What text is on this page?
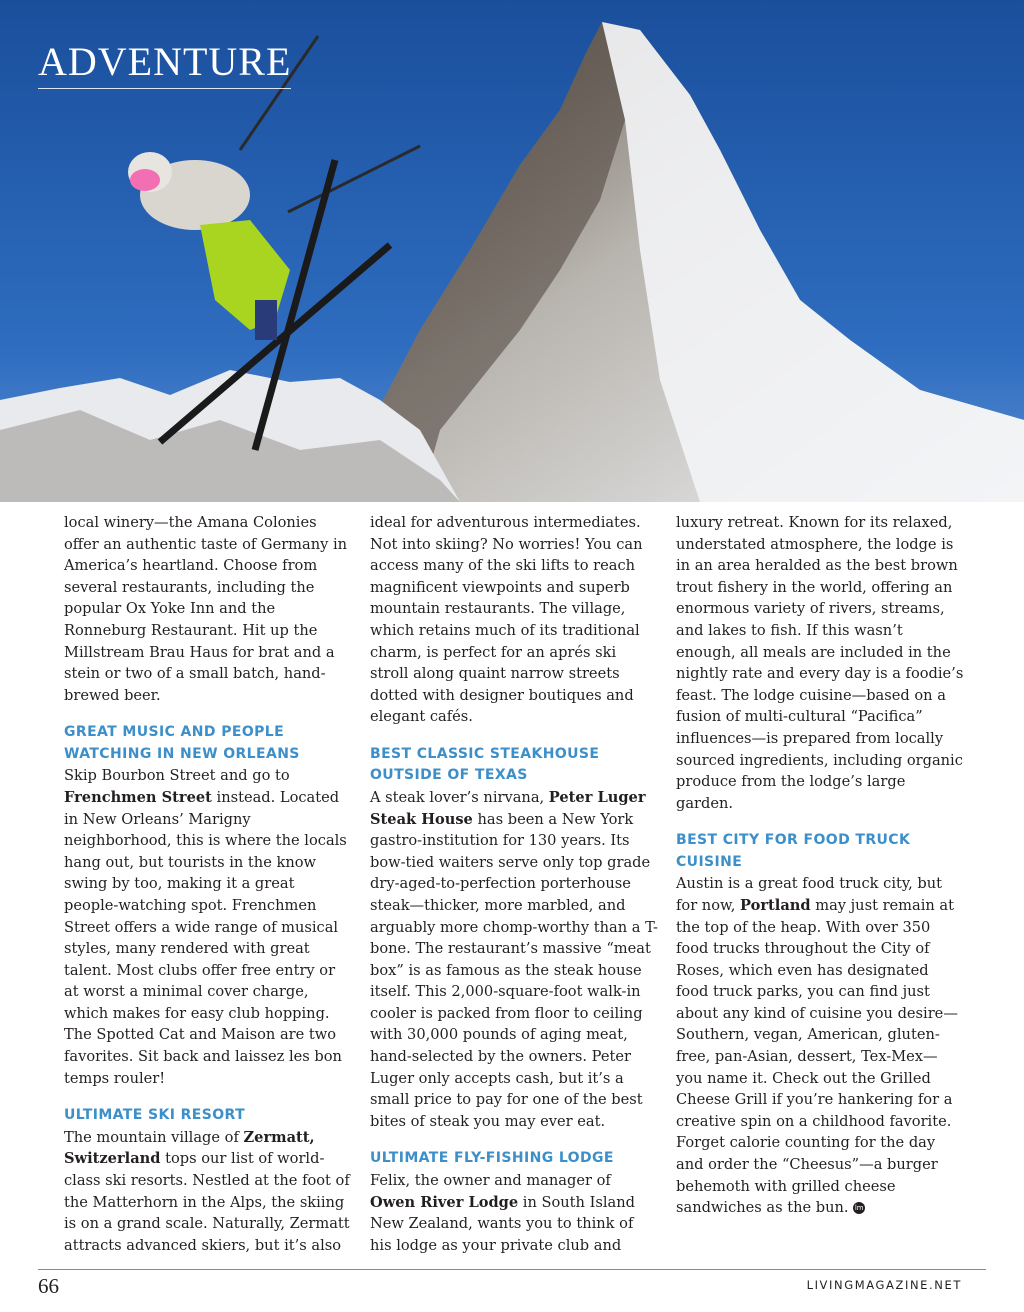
ADVENTURE

local winery—the Amana Colonies offer an authentic taste of Germany in America’s heartland. Choose from several restaurants, including the popular Ox Yoke Inn and the Ronneburg Restaurant. Hit up the Millstream Brau Haus for brat and a stein or two of a small batch, hand-brewed beer.

GREAT MUSIC AND PEOPLE
WATCHING IN NEW ORLEANS

Skip Bourbon Street and go to Frenchmen Street instead. Located in New Orleans’ Marigny neighborhood, this is where the locals hang out, but tourists in the know swing by too, making it a great people-watching spot. Frenchmen Street offers a wide range of musical styles, many rendered with great talent. Most clubs offer free entry or at worst a minimal cover charge, which makes for easy club hopping. The Spotted Cat and Maison are two favorites. Sit back and laissez les bon temps rouler!

ULTIMATE SKI RESORT

The mountain village of Zermatt, Switzerland tops our list of world-class ski resorts. Nestled at the foot of the Matterhorn in the Alps, the skiing is on a grand scale. Naturally, Zermatt attracts advanced skiers, but it’s also

ideal for adventurous intermediates. Not into skiing? No worries! You can access many of the ski lifts to reach magnificent viewpoints and superb mountain restaurants. The village, which retains much of its traditional charm, is perfect for an aprés ski stroll along quaint narrow streets dotted with designer boutiques and elegant cafés.

BEST CLASSIC STEAKHOUSE
OUTSIDE OF TEXAS

A steak lover’s nirvana, Peter Luger Steak House has been a New York gastro-institution for 130 years. Its bow-tied waiters serve only top grade dry-aged-to-perfection porterhouse steak—thicker, more marbled, and arguably more chomp-worthy than a T-bone. The restaurant’s massive “meat box” is as famous as the steak house itself. This 2,000-square-foot walk-in cooler is packed from floor to ceiling with 30,000 pounds of aging meat, hand-selected by the owners. Peter Luger only accepts cash, but it’s a small price to pay for one of the best bites of steak you may ever eat.

ULTIMATE FLY-FISHING LODGE

Felix, the owner and manager of Owen River Lodge in South Island New Zealand, wants you to think of his lodge as your private club and

luxury retreat. Known for its relaxed, understated atmosphere, the lodge is in an area heralded as the best brown trout fishery in the world, offering an enormous variety of rivers, streams, and lakes to fish. If this wasn’t enough, all meals are included in the nightly rate and every day is a foodie’s feast. The lodge cuisine—based on a fusion of multi-cultural “Pacifica” influences—is prepared from locally sourced ingredients, including organic produce from the lodge’s large garden.

BEST CITY FOR FOOD TRUCK
CUISINE

Austin is a great food truck city, but for now, Portland may just remain at the top of the heap. With over 350 food trucks throughout the City of Roses, which even has designated food truck parks, you can find just about any kind of cuisine you desire—Southern, vegan, American, gluten-free, pan-Asian, dessert, Tex-Mex—you name it. Check out the Grilled Cheese Grill if you’re hankering for a creative spin on a childhood favorite. Forget calorie counting for the day and order the “Cheesus”—a burger behemoth with grilled cheese sandwiches as the bun. lm

66	LIVINGMAGAZINE.NET
